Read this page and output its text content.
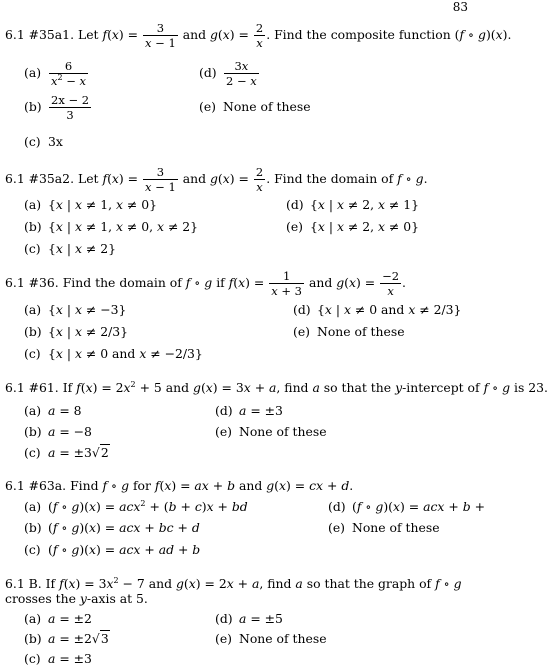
83
6.1 #35a1. Let $f(x) = \frac{3}{x - 1}$ and $g(x) = \frac{2}{x}$ . Find the composite function (f ∘ g)(x).
$(a) \frac{6}{x^2 - x}$
$(b) \frac{2x - 2}{3}$
(c) 3x
$(d) \frac{3x}{2 - x}$
(e) None of these
6.1 #35a2. Let $f(x) = \frac{3}{x - 1}$ and $g(x) = \frac{2}{x}$ . Find the domain of f ∘ g.
(a) {x | x ≠ 1, x ≠ 0}
(b) {x | x ≠ 1, x ≠ 0, x ≠ 2}
(c) {x | x ≠ 2}
(d) {x | x ≠ 2, x ≠ 1}
(e) {x | x ≠ 2, x ≠ 0}
6.1 #36. Find the domain of f ∘ g if $f(x) = \frac{1}{x + 3}$ and $g(x) = \frac{-2}{x}$ .
(a) {x | x ≠ −3}
(b) {x | x ≠ 2/3}
(c) {x | x ≠ 0 and x ≠ −2/3}
(d) {x | x ≠ 0 and x ≠ 2/3}
(e) None of these
6.1 #61. If $f(x) = 2x^2 + 5$ and g(x) = 3x + a, find a so that the y-intercept of f ∘ g is 23.
(a) a = 8
(b) a = −8
(c) a = ±3√2
(d) a = ±3
(e) None of these
6.1 #63a. Find f ∘ g for f(x) = ax + b and g(x) = cx + d.
(a) (f ∘ g)(x) = acx$^2$ + (b + c)x + bd
(b) (f ∘ g)(x) = acx + bc + d
(c) (f ∘ g)(x) = acx + ad + b
(d) (f ∘ g)(x) = acx + b +
(e) None of these
6.1 B. If $f(x) = 3x^2 - 7$ and g(x) = 2x + a, find a so that the graph of f ∘ g crosses the y-axis at 5.
(a) a = ±2
(b) a = ±2√3
(c) a = ±3
(d) a = ±5
(e) None of these
